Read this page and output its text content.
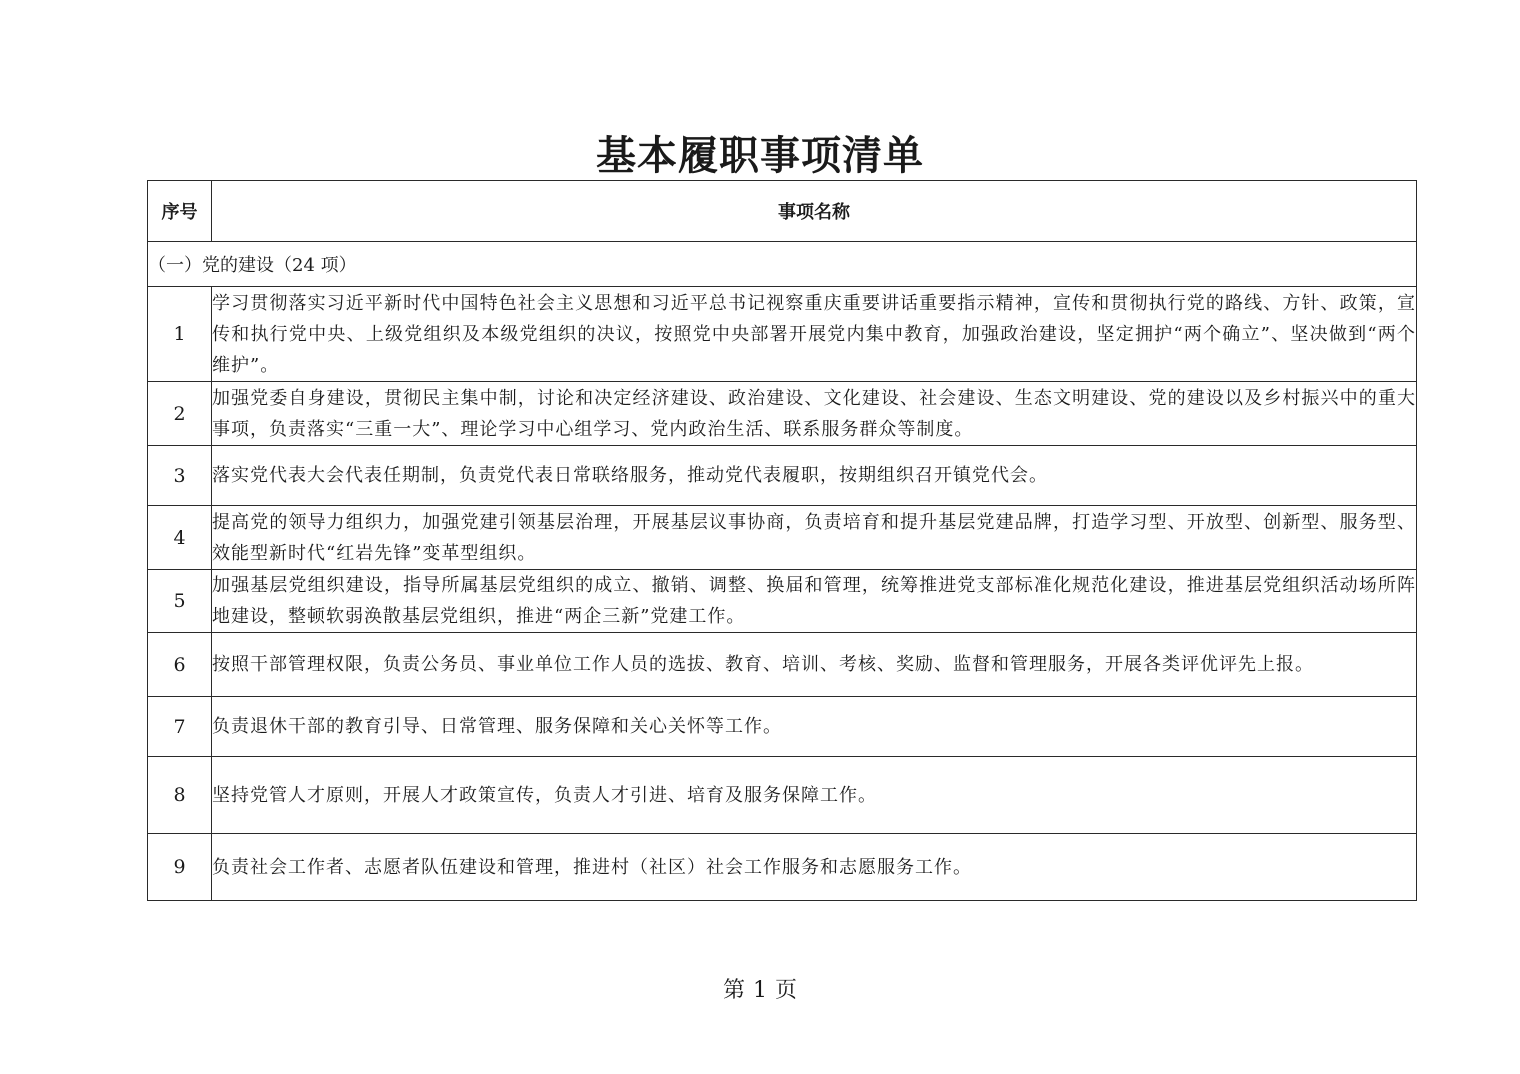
基本履职事项清单
序号	事项名称
（一）党的建设（24 项）	
1	学习贯彻落实习近平新时代中国特色社会主义思想和习近平总书记视察重庆重要讲话重要指示精神，宣传和贯彻执行党的路线、方针、政策，宣传和执行党中央、上级党组织及本级党组织的决议，按照党中央部署开展党内集中教育，加强政治建设，坚定拥护“两个确立”、坚决做到“两个维护”。
2	加强党委自身建设，贯彻民主集中制，讨论和决定经济建设、政治建设、文化建设、社会建设、生态文明建设、党的建设以及乡村振兴中的重大事项，负责落实“三重一大”、理论学习中心组学习、党内政治生活、联系服务群众等制度。
3	落实党代表大会代表任期制，负责党代表日常联络服务，推动党代表履职，按期组织召开镇党代会。
4	提高党的领导力组织力，加强党建引领基层治理，开展基层议事协商，负责培育和提升基层党建品牌，打造学习型、开放型、创新型、服务型、效能型新时代“红岩先锋”变革型组织。
5	加强基层党组织建设，指导所属基层党组织的成立、撤销、调整、换届和管理，统筹推进党支部标准化规范化建设，推进基层党组织活动场所阵地建设，整顿软弱涣散基层党组织，推进“两企三新”党建工作。
6	按照干部管理权限，负责公务员、事业单位工作人员的选拔、教育、培训、考核、奖励、监督和管理服务，开展各类评优评先上报。
7	负责退休干部的教育引导、日常管理、服务保障和关心关怀等工作。
8	坚持党管人才原则，开展人才政策宣传，负责人才引进、培育及服务保障工作。
9	负责社会工作者、志愿者队伍建设和管理，推进村（社区）社会工作服务和志愿服务工作。
第 1 页
